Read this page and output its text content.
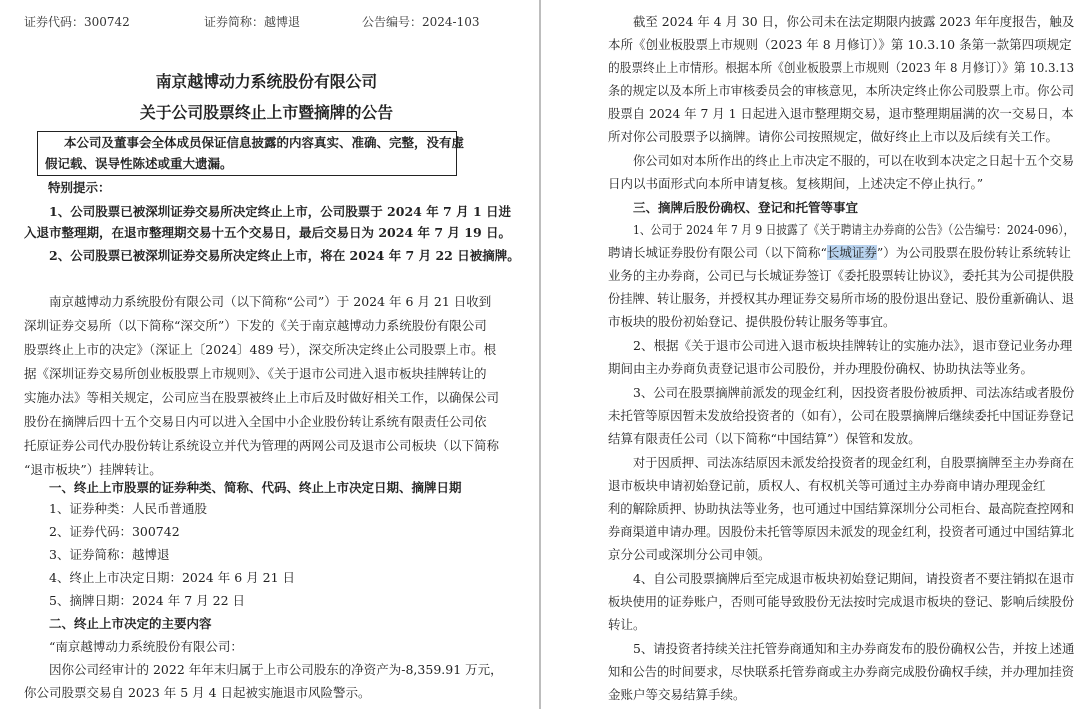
证券代码：300742	证券简称：越博退	公告编号：2024-103
南京越博动力系统股份有限公司
关于公司股票终止上市暨摘牌的公告
本公司及董事会全体成员保证信息披露的内容真实、准确、完整，没有虚
假记载、误导性陈述或重大遗漏。
特别提示：
1、公司股票已被深圳证券交易所决定终止上市，公司股票于 2024 年 7 月 1 日进
入退市整理期，在退市整理期交易十五个交易日，最后交易日为 2024 年 7 月 19 日。
2、公司股票已被深圳证券交易所决定终止上市，将在 2024 年 7 月 22 日被摘牌。
南京越博动力系统股份有限公司（以下简称“公司”）于 2024 年 6 月 21 日收到
深圳证券交易所（以下简称“深交所”）下发的《关于南京越博动力系统股份有限公司
股票终止上市的决定》（深证上〔2024〕489 号），深交所决定终止公司股票上市。根
据《深圳证券交易所创业板股票上市规则》、《关于退市公司进入退市板块挂牌转让的
实施办法》等相关规定，公司应当在股票被终止上市后及时做好相关工作，以确保公司
股份在摘牌后四十五个交易日内可以进入全国中小企业股份转让系统有限责任公司依
托原证券公司代办股份转让系统设立并代为管理的两网公司及退市公司板块（以下简称
“退市板块”）挂牌转让。
一、终止上市股票的证券种类、简称、代码、终止上市决定日期、摘牌日期
1、证券种类：人民币普通股
2、证券代码：300742
3、证券简称：越博退
4、终止上市决定日期：2024 年 6 月 21 日
5、摘牌日期：2024 年 7 月 22 日
二、终止上市决定的主要内容
“南京越博动力系统股份有限公司：
因你公司经审计的 2022 年年末归属于上市公司股东的净资产为-8,359.91 万元，
你公司股票交易自 2023 年 5 月 4 日起被实施退市风险警示。
截至 2024 年 4 月 30 日，你公司未在法定期限内披露 2023 年年度报告，触及
本所《创业板股票上市规则（2023 年 8 月修订）》第 10.3.10 条第一款第四项规定
的股票终止上市情形。根据本所《创业板股票上市规则（2023 年 8 月修订）》第 10.3.13
条的规定以及本所上市审核委员会的审核意见，本所决定终止你公司股票上市。你公司
股票自 2024 年 7 月 1 日起进入退市整理期交易，退市整理期届满的次一交易日，本
所对你公司股票予以摘牌。请你公司按照规定，做好终止上市以及后续有关工作。
你公司如对本所作出的终止上市决定不服的，可以在收到本决定之日起十五个交易
日内以书面形式向本所申请复核。复核期间，上述决定不停止执行。”
三、摘牌后股份确权、登记和托管等事宜
1、公司于 2024 年 7 月 9 日披露了《关于聘请主办券商的公告》（公告编号：2024-096），
聘请长城证券股份有限公司（以下简称“长城证券”）为公司股票在股份转让系统转让
业务的主办券商，公司已与长城证券签订《委托股票转让协议》，委托其为公司提供股
份挂牌、转让服务，并授权其办理证券交易所市场的股份退出登记、股份重新确认、退
市板块的股份初始登记、提供股份转让服务等事宜。
2、根据《关于退市公司进入退市板块挂牌转让的实施办法》，退市登记业务办理
期间由主办券商负责登记退市公司股份，并办理股份确权、协助执法等业务。
3、公司在股票摘牌前派发的现金红利，因投资者股份被质押、司法冻结或者股份
未托管等原因暂未发放给投资者的（如有），公司在股票摘牌后继续委托中国证券登记
结算有限责任公司（以下简称“中国结算”）保管和发放。
对于因质押、司法冻结原因未派发给投资者的现金红利，自股票摘牌至主办券商在
退市板块申请初始登记前，质权人、有权机关等可通过主办券商申请办理现金红
利的解除质押、协助执法等业务，也可通过中国结算深圳分公司柜台、最高院查控网和
券商渠道申请办理。因股份未托管等原因未派发的现金红利，投资者可通过中国结算北
京分公司或深圳分公司申领。
4、自公司股票摘牌后至完成退市板块初始登记期间，请投资者不要注销拟在退市
板块使用的证券账户，否则可能导致股份无法按时完成退市板块的登记、影响后续股份
转让。
5、请投资者持续关注托管券商通知和主办券商发布的股份确权公告，并按上述通
知和公告的时间要求，尽快联系托管券商或主办券商完成股份确权手续，并办理加挂资
金账户等交易结算手续。
